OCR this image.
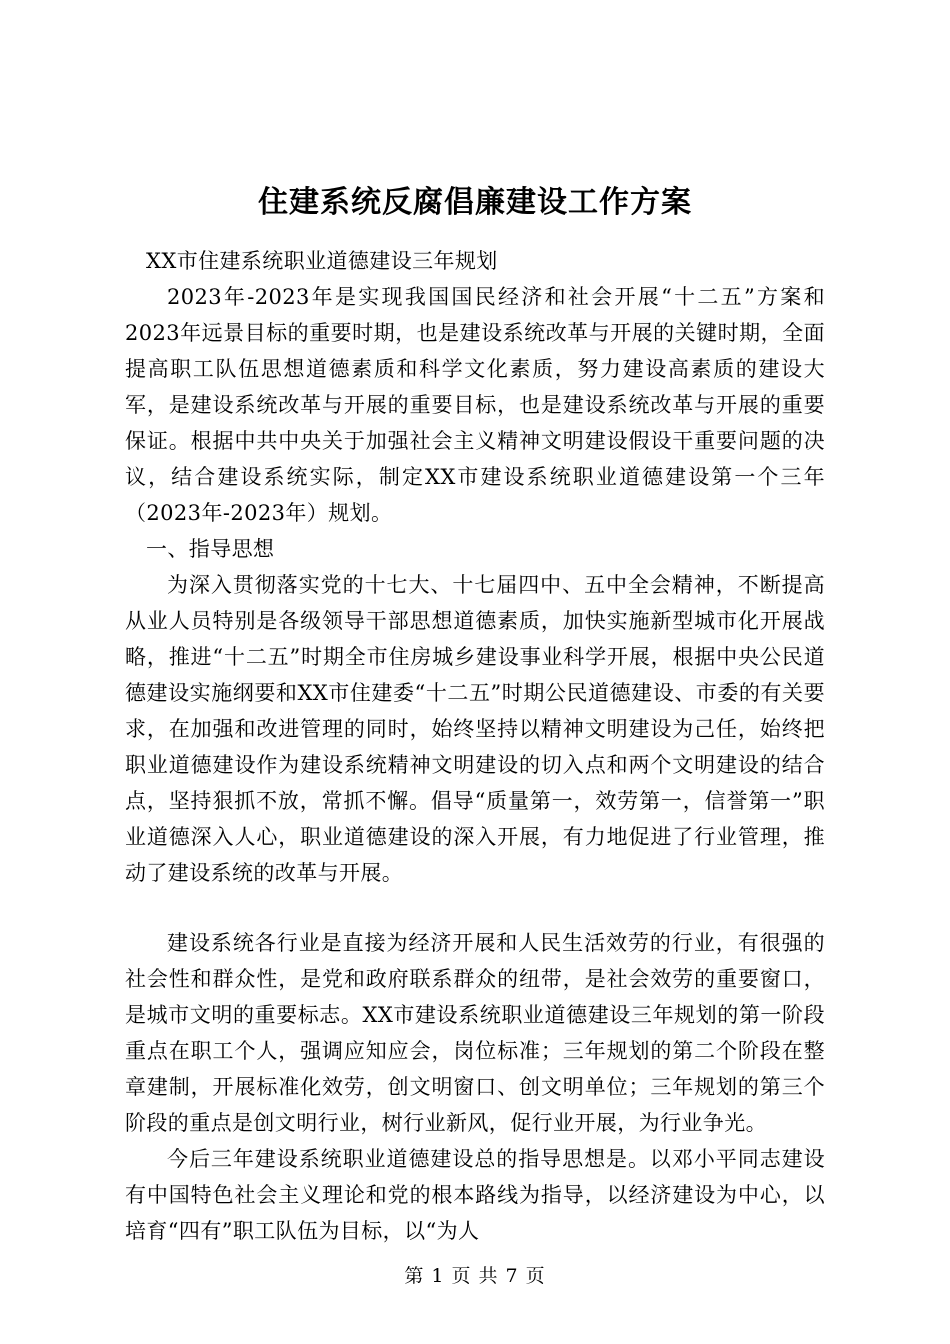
住建系统反腐倡廉建设工作方案

XX市住建系统职业道德建设三年规划

2023年-2023年是实现我国国民经济和社会开展“十二五”方案和2023年远景目标的重要时期，也是建设系统改革与开展的关键时期，全面提高职工队伍思想道德素质和科学文化素质，努力建设高素质的建设大军，是建设系统改革与开展的重要目标，也是建设系统改革与开展的重要保证。根据中共中央关于加强社会主义精神文明建设假设干重要问题的决议，结合建设系统实际，制定XX市建设系统职业道德建设第一个三年（2023年-2023年）规划。

一、指导思想

为深入贯彻落实党的十七大、十七届四中、五中全会精神，不断提高从业人员特别是各级领导干部思想道德素质，加快实施新型城市化开展战略，推进“十二五”时期全市住房城乡建设事业科学开展，根据中央公民道德建设实施纲要和XX市住建委“十二五”时期公民道德建设、市委的有关要求，在加强和改进管理的同时，始终坚持以精神文明建设为己任，始终把职业道德建设作为建设系统精神文明建设的切入点和两个文明建设的结合点，坚持狠抓不放，常抓不懈。倡导“质量第一，效劳第一，信誉第一”职业道德深入人心，职业道德建设的深入开展，有力地促进了行业管理，推动了建设系统的改革与开展。

建设系统各行业是直接为经济开展和人民生活效劳的行业，有很强的社会性和群众性，是党和政府联系群众的纽带，是社会效劳的重要窗口，是城市文明的重要标志。XX市建设系统职业道德建设三年规划的第一阶段重点在职工个人，强调应知应会，岗位标准；三年规划的第二个阶段在整章建制，开展标准化效劳，创文明窗口、创文明单位；三年规划的第三个阶段的重点是创文明行业，树行业新风，促行业开展，为行业争光。

今后三年建设系统职业道德建设总的指导思想是。以邓小平同志建设有中国特色社会主义理论和党的根本路线为指导，以经济建设为中心，以培育“四有”职工队伍为目标，以“为人

第 1 页 共 7 页
